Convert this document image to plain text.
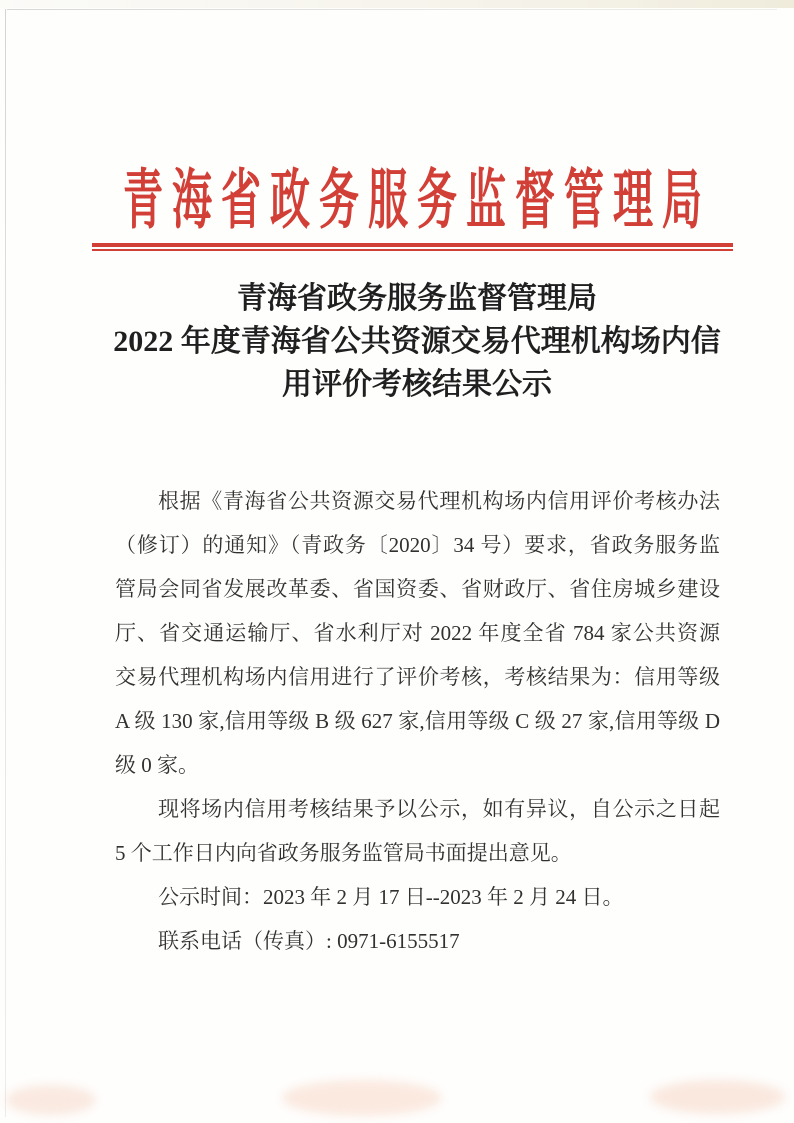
青海省政务服务监督管理局
青海省政务服务监督管理局
2022 年度青海省公共资源交易代理机构场内信
用评价考核结果公示
根据《青海省公共资源交易代理机构场内信用评价考核办法
（修订）的通知》（青政务〔2020〕34 号）要求，省政务服务监
管局会同省发展改革委、省国资委、省财政厅、省住房城乡建设
厅、省交通运输厅、省水利厅对 2022 年度全省 784 家公共资源
交易代理机构场内信用进行了评价考核，考核结果为：信用等级
A 级 130 家,信用等级 B 级 627 家,信用等级 C 级 27 家,信用等级 D
级 0 家。
现将场内信用考核结果予以公示，如有异议，自公示之日起
5 个工作日内向省政务服务监管局书面提出意见。
公示时间：2023 年 2 月 17 日--2023 年 2 月 24 日。
联系电话（传真）: 0971-6155517
